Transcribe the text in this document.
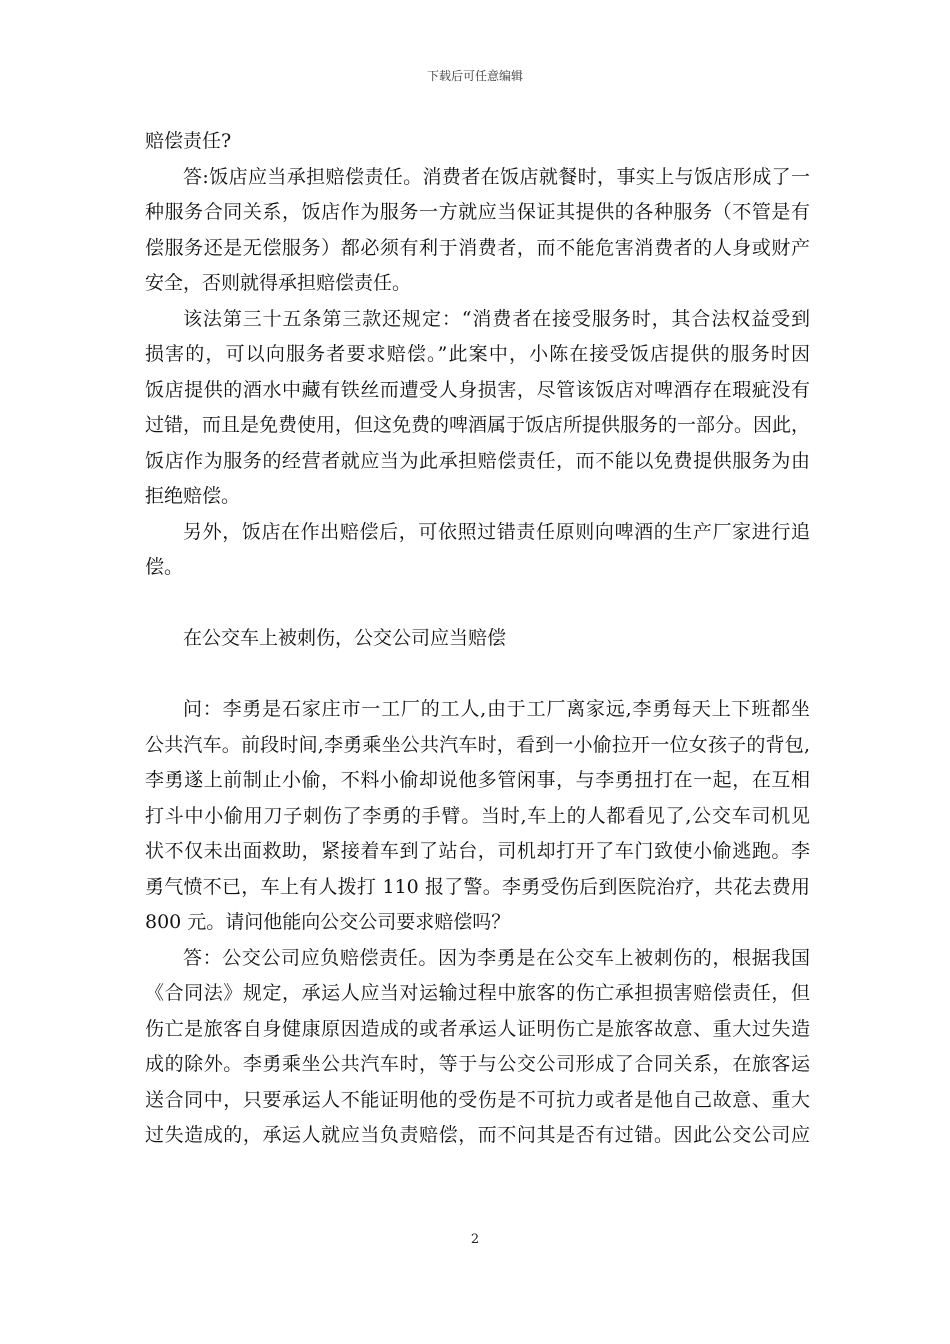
下载后可任意编辑
赔偿责任?
答:饭店应当承担赔偿责任。消费者在饭店就餐时，事实上与饭店形成了一
种服务合同关系，饭店作为服务一方就应当保证其提供的各种服务（不管是有
偿服务还是无偿服务）都必须有利于消费者，而不能危害消费者的人身或财产
安全，否则就得承担赔偿责任。
该法第三十五条第三款还规定：“消费者在接受服务时，其合法权益受到
损害的，可以向服务者要求赔偿。”此案中，小陈在接受饭店提供的服务时因
饭店提供的酒水中藏有铁丝而遭受人身损害，尽管该饭店对啤酒存在瑕疵没有
过错，而且是免费使用，但这免费的啤酒属于饭店所提供服务的一部分。因此，
饭店作为服务的经营者就应当为此承担赔偿责任，而不能以免费提供服务为由
拒绝赔偿。
另外，饭店在作出赔偿后，可依照过错责任原则向啤酒的生产厂家进行追
偿。
在公交车上被刺伤，公交公司应当赔偿
问：李勇是石家庄市一工厂的工人,由于工厂离家远,李勇每天上下班都坐
公共汽车。前段时间,李勇乘坐公共汽车时，看到一小偷拉开一位女孩子的背包,
李勇遂上前制止小偷，不料小偷却说他多管闲事，与李勇扭打在一起，在互相
打斗中小偷用刀子刺伤了李勇的手臂。当时,车上的人都看见了,公交车司机见
状不仅未出面救助，紧接着车到了站台，司机却打开了车门致使小偷逃跑。李
勇气愤不已，车上有人拨打 110 报了警。李勇受伤后到医院治疗，共花去费用
800 元。请问他能向公交公司要求赔偿吗？
答：公交公司应负赔偿责任。因为李勇是在公交车上被刺伤的，根据我国
《合同法》规定，承运人应当对运输过程中旅客的伤亡承担损害赔偿责任，但
伤亡是旅客自身健康原因造成的或者承运人证明伤亡是旅客故意、重大过失造
成的除外。李勇乘坐公共汽车时，等于与公交公司形成了合同关系，在旅客运
送合同中，只要承运人不能证明他的受伤是不可抗力或者是他自己故意、重大
过失造成的，承运人就应当负责赔偿，而不问其是否有过错。因此公交公司应
2
